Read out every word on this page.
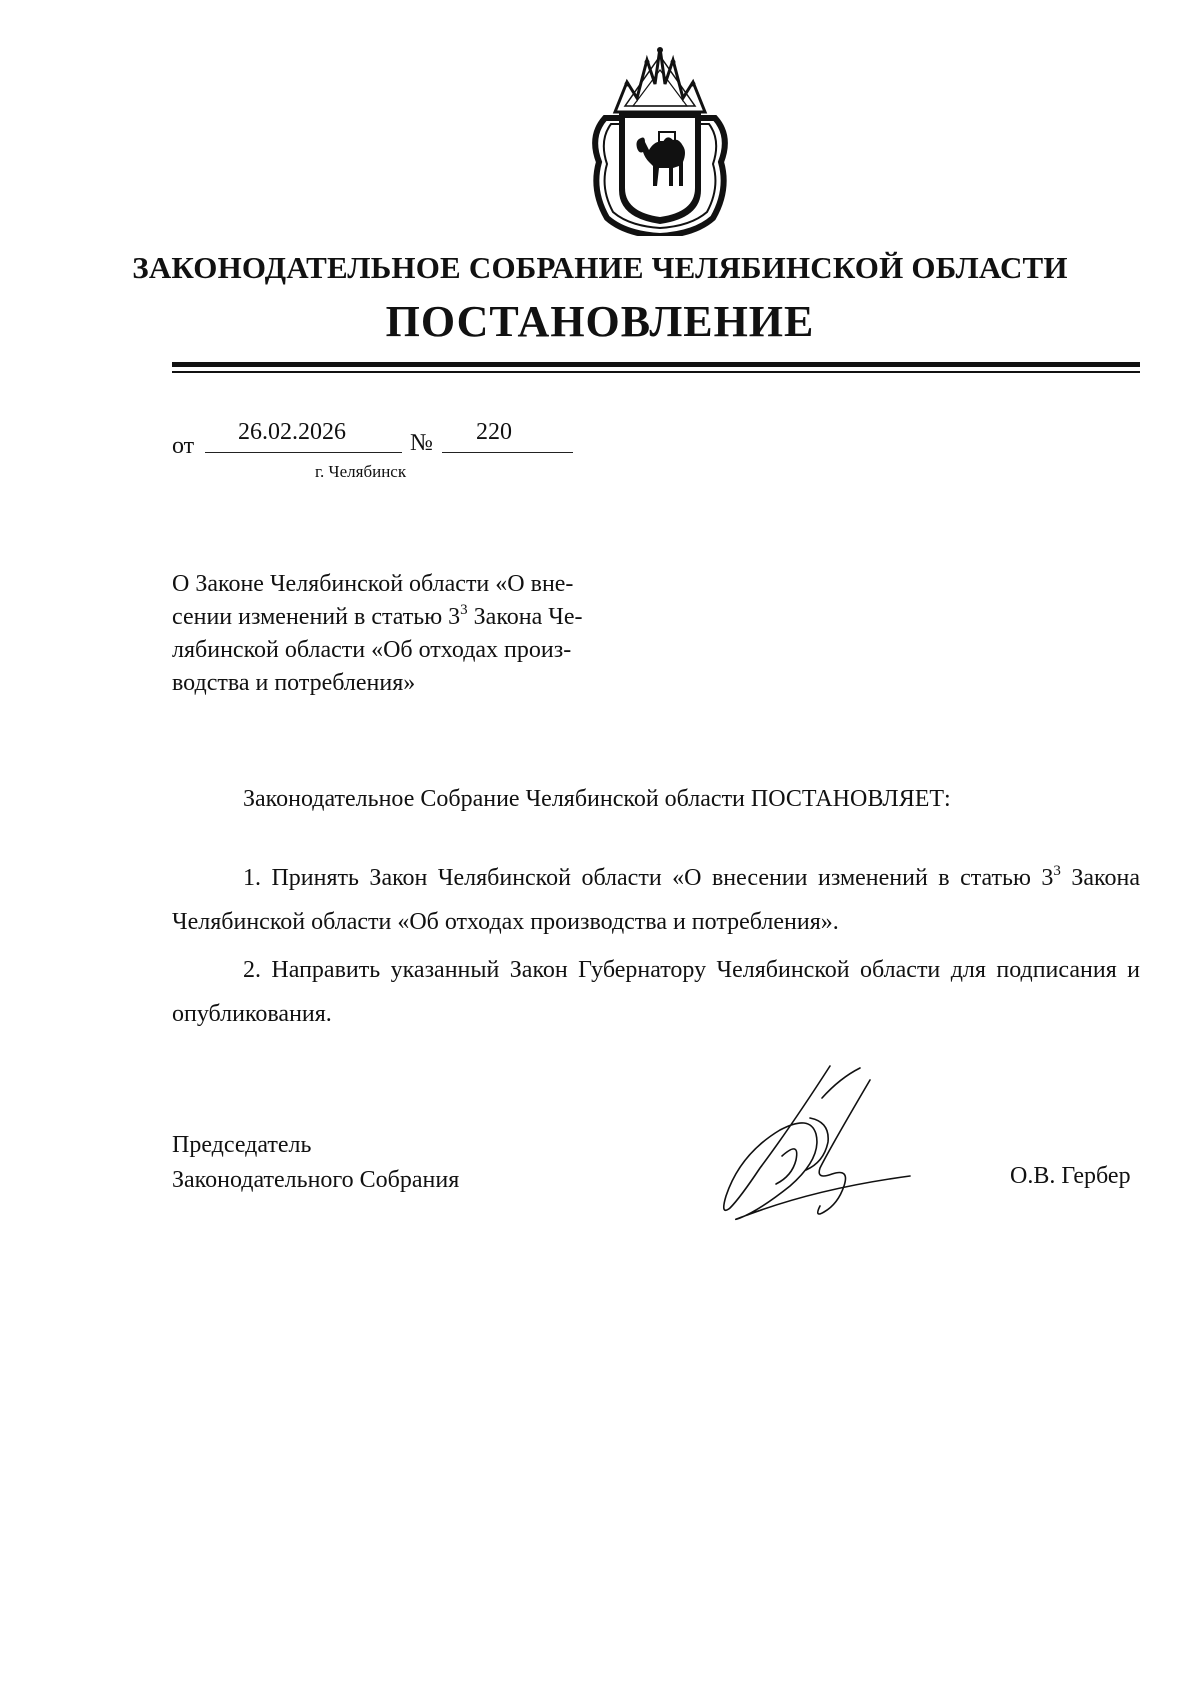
ЗАКОНОДАТЕЛЬНОЕ СОБРАНИЕ ЧЕЛЯБИНСКОЙ ОБЛАСТИ
ПОСТАНОВЛЕНИЕ
от
26.02.2026	№ 220
г. Челябинск
О Законе Челябинской области «О вне-
сении изменений в статью $3^3$ Закона Че-
лябинской области «Об отходах произ-
водства и потребления»
Законодательное Собрание Челябинской области ПОСТАНОВЛЯЕТ:
1. Принять Закон Челябинской области «О внесении изменений в статью $3^3$ Закона Челябинской области «Об отходах производства и потребления».
2. Направить указанный Закон Губернатору Челябинской области для подписания и опубликования.
Председатель
Законодательного Собрания	О.В. Гербер
